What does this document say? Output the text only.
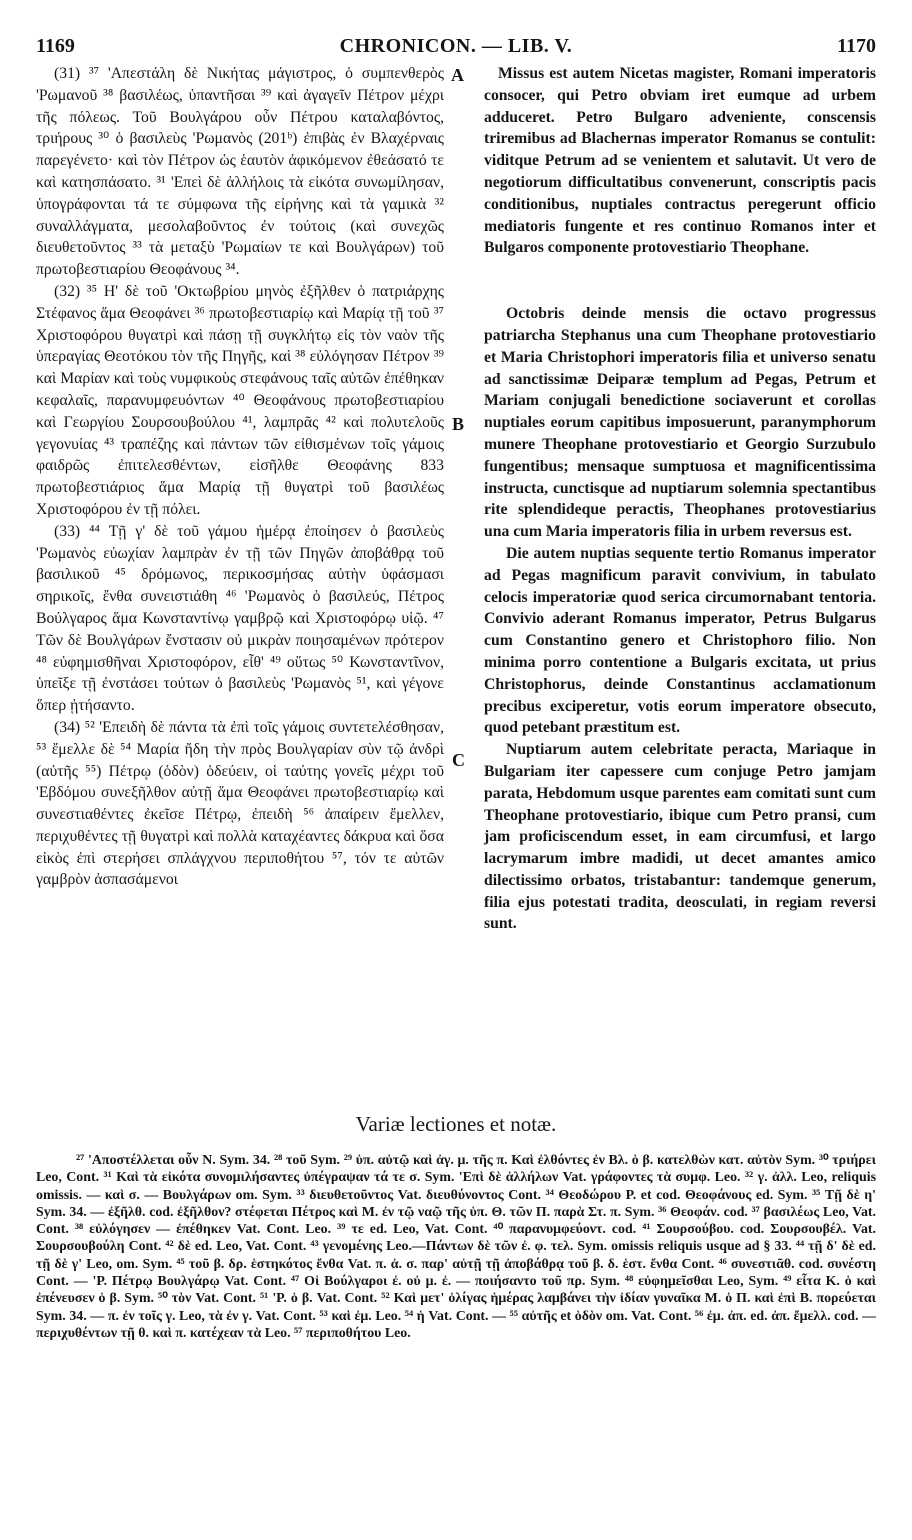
1169	CHRONICON. — LIB. V.	1170
A
B
C

(31) ³⁷ 'Απεστάλη δὲ Νικήτας μάγιστρος, ὁ συμπενθερὸς 'Ρωμανοῦ ³⁸ βασιλέως, ὑπαντῆσαι ³⁹ καὶ ἀγαγεῖν Πέτρον μέχρι τῆς πόλεως. Τοῦ Βουλγάρου οὖν Πέτρου καταλαβόντος, τριήρους ³⁰ ὁ βασιλεὺς 'Ρωμανὸς (201ᵇ) ἐπιβὰς ἐν Βλαχέρναις παρεγένετο· καὶ τὸν Πέτρον ὡς ἑαυτὸν ἀφικόμενον ἐθεάσατό τε καὶ κατησπάσατο. ³¹ 'Επεὶ δὲ ἀλλήλοις τὰ εἰκότα συνωμίλησαν, ὑπογράφονται τά τε σύμφωνα τῆς εἰρήνης καὶ τὰ γαμικὰ ³² συναλλάγματα, μεσολαβοῦντος ἐν τούτοις (καὶ συνεχῶς διευθετοῦντος ³³ τὰ μεταξὺ 'Ρωμαίων τε καὶ Βουλγάρων) τοῦ πρωτοβεστιαρίου Θεοφάνους ³⁴.

(32) ³⁵ Η' δὲ τοῦ 'Οκτωβρίου μηνὸς ἐξῆλθεν ὁ πατριάρχης Στέφανος ἅμα Θεοφάνει ³⁶ πρωτοβεστιαρίῳ καὶ Μαρίᾳ τῇ τοῦ ³⁷ Χριστοφόρου θυγατρὶ καὶ πάσῃ τῇ συγκλήτῳ εἰς τὸν ναὸν τῆς ὑπεραγίας Θεοτόκου τὸν τῆς Πηγῆς, καὶ ³⁸ εὐλόγησαν Πέτρον ³⁹ καὶ Μαρίαν καὶ τοὺς νυμφικοὺς στεφάνους ταῖς αὐτῶν ἐπέθηκαν κεφαλαῖς, παρανυμφευόντων ⁴⁰ Θεοφάνους πρωτοβεστιαρίου καὶ Γεωργίου Σουρσουβούλου ⁴¹, λαμπρᾶς ⁴² καὶ πολυτελοῦς γεγονυίας ⁴³ τραπέζης καὶ πάντων τῶν εἰθισμένων τοῖς γάμοις φαιδρῶς ἐπιτελεσθέντων, εἰσῆλθε Θεοφάνης 833 πρωτοβεστιάριος ἅμα Μαρίᾳ τῇ θυγατρὶ τοῦ βασιλέως Χριστοφόρου ἐν τῇ πόλει.

(33) ⁴⁴ Τῇ γ' δὲ τοῦ γάμου ἡμέρᾳ ἐποίησεν ὁ βασιλεὺς 'Ρωμανὸς εὐωχίαν λαμπρὰν ἐν τῇ τῶν Πηγῶν ἀποβάθρᾳ τοῦ βασιλικοῦ ⁴⁵ δρόμωνος, περικοσμήσας αὐτὴν ὑφάσμασι σηρικοῖς, ἔνθα συνειστιάθη ⁴⁶ 'Ρωμανὸς ὁ βασιλεύς, Πέτρος Βούλγαρος ἅμα Κωνσταντίνῳ γαμβρῷ καὶ Χριστοφόρῳ υἱῷ. ⁴⁷ Τῶν δὲ Βουλγάρων ἔνστασιν οὐ μικρὰν ποιησαμένων πρότερον ⁴⁸ εὐφημισθῆναι Χριστοφόρον, εἶθ' ⁴⁹ οὕτως ⁵⁰ Κωνσταντῖνον, ὑπεῖξε τῇ ἐνστάσει τούτων ὁ βασιλεὺς 'Ρωμανὸς ⁵¹, καὶ γέγονε ὅπερ ᾐτήσαντο.

(34) ⁵² 'Επειδὴ δὲ πάντα τὰ ἐπὶ τοῖς γάμοις συντετελέσθησαν, ⁵³ ἔμελλε δὲ ⁵⁴ Μαρία ἤδη τὴν πρὸς Βουλγαρίαν σὺν τῷ ἀνδρὶ (αὐτῆς ⁵⁵) Πέτρῳ (ὁδὸν) ὁδεύειν, οἱ ταύτης γονεῖς μέχρι τοῦ 'Εβδόμου συνεξῆλθον αὐτῇ ἅμα Θεοφάνει πρωτοβεστιαρίῳ καὶ συνεστιαθέντες ἐκεῖσε Πέτρῳ, ἐπειδὴ ⁵⁶ ἀπαίρειν ἔμελλεν, περιχυθέντες τῇ θυγατρὶ καὶ πολλὰ καταχέαντες δάκρυα καὶ ὅσα εἰκὸς ἐπὶ στερήσει σπλάγχνου περιποθήτου ⁵⁷, τόν τε αὐτῶν γαμβρὸν ἀσπασάμενοι

Missus est autem Nicetas magister, Romani imperatoris consocer, qui Petro obviam iret eumque ad urbem adduceret. Petro Bulgaro adveniente, conscensis triremibus ad Blachernas imperator Romanus se contulit: viditque Petrum ad se venientem et salutavit. Ut vero de negotiorum difficultatibus convenerunt, conscriptis pacis conditionibus, nuptiales contractus peregerunt officio mediatoris fungente et res continuo Romanos inter et Bulgaros componente protovestiario Theophane.

Octobris deinde mensis die octavo progressus patriarcha Stephanus una cum Theophane protovestiario et Maria Christophori imperatoris filia et universo senatu ad sanctissimæ Deiparæ templum ad Pegas, Petrum et Mariam conjugali benedictione sociaverunt et corollas nuptiales eorum capitibus imposuerunt, paranymphorum munere Theophane protovestiario et Georgio Surzubulo fungentibus; mensaque sumptuosa et magnificentissima instructa, cunctisque ad nuptiarum solemnia spectantibus rite splendideque peractis, Theophanes protovestiarius una cum Maria imperatoris filia in urbem reversus est.

Die autem nuptias sequente tertio Romanus imperator ad Pegas magnificum paravit convivium, in tabulato celocis imperatoriæ quod serica circumornabant tentoria. Convivio aderant Romanus imperator, Petrus Bulgarus cum Constantino genero et Christophoro filio. Non minima porro contentione a Bulgaris excitata, ut prius Christophorus, deinde Constantinus acclamationum precibus exciperetur, votis eorum imperatore obsecuto, quod petebant præstitum est.

Nuptiarum autem celebritate peracta, Mariaque in Bulgariam iter capessere cum conjuge Petro jamjam parata, Hebdomum usque parentes eam comitati sunt cum Theophane protovestiario, ibique cum Petro pransi, cum jam proficiscendum esset, in eam circumfusi, et largo lacrymarum imbre madidi, ut decet amantes amico dilectissimo orbatos, tristabantur: tandemque generum, filia ejus potestati tradita, deosculati, in regiam reversi sunt.

Variæ lectiones et notæ.

²⁷ 'Αποστέλλεται οὖν N. Sym. 34. ²⁸ τοῦ Sym. ²⁹ ὑπ. αὐτῷ καὶ ἀγ. μ. τῆς π. Καὶ ἐλθόντες ἐν Βλ. ὁ β. κατελθὼν κατ. αὐτὸν Sym. ³⁰ τριήρει Leo, Cont. ³¹ Καὶ τὰ εἰκότα συνομιλήσαντες ὑπέγραψαν τά τε σ. Sym. 'Επὶ δὲ ἀλλήλων Vat. γράφοντες τὰ συμφ. Leo. ³² γ. ἀλλ. Leo, reliquis omissis. — καὶ σ. — Βουλγάρων om. Sym. ³³ διευθετοῦντος Vat. διευθύνοντος Cont. ³⁴ Θεοδώρου P. et cod. Θεοφάνους ed. Sym. ³⁵ Τῇ δὲ η' Sym. 34. — ἐξῆλθ. cod. ἐξῆλθον? στέφεται Πέτρος καὶ Μ. ἐν τῷ ναῷ τῆς ὑπ. Θ. τῶν Π. παρὰ Στ. π. Sym. ³⁶ Θεοφάν. cod. ³⁷ βασιλέως Leo, Vat. Cont. ³⁸ εὐλόγησεν — ἐπέθηκεν Vat. Cont. Leo. ³⁹ τε ed. Leo, Vat. Cont. ⁴⁰ παρανυμφεύοντ. cod. ⁴¹ Σουρσούβου. cod. Σουρσουβέλ. Vat. Σουρσουβούλη Cont. ⁴² δὲ ed. Leo, Vat. Cont. ⁴³ γενομένης Leo.—Πάντων δὲ τῶν ἐ. φ. τελ. Sym. omissis reliquis usque ad § 33. ⁴⁴ τῇ δ' δὲ ed. τῇ δὲ γ' Leo, om. Sym. ⁴⁵ τοῦ β. δρ. ἑστηκότος ἔνθα Vat. π. ἀ. σ. παρ' αὐτῇ τῇ ἀποβάθρᾳ τοῦ β. δ. ἑστ. ἔνθα Cont. ⁴⁶ συνεστιᾶθ. cod. συνέστη Cont. — 'Ρ. Πέτρῳ Βουλγάρῳ Vat. Cont. ⁴⁷ Οἱ Βούλγαροι ἐ. οὐ μ. ἐ. — ποιήσαντο τοῦ πρ. Sym. ⁴⁸ εὐφημεῖσθαι Leo, Sym. ⁴⁹ εἶτα K. ὁ καὶ ἐπένευσεν ὁ β. Sym. ⁵⁰ τὸν Vat. Cont. ⁵¹ 'Ρ. ὁ β. Vat. Cont. ⁵² Καὶ μετ' ὀλίγας ἡμέρας λαμβάνει τὴν ἰδίαν γυναῖκα M. ὁ Π. καὶ ἐπὶ B. πορεύεται Sym. 34. — π. ἐν τοῖς γ. Leo, τὰ ἐν γ. Vat. Cont. ⁵³ καὶ ἐμ. Leo. ⁵⁴ ἡ Vat. Cont. — ⁵⁵ αὐτῆς et ὁδὸν om. Vat. Cont. ⁵⁶ ἐμ. ἀπ. ed. ἀπ. ἔμελλ. cod. — περιχυθέντων τῇ θ. καὶ π. κατέχεαν τὰ Leo. ⁵⁷ περιποθήτου Leo.
